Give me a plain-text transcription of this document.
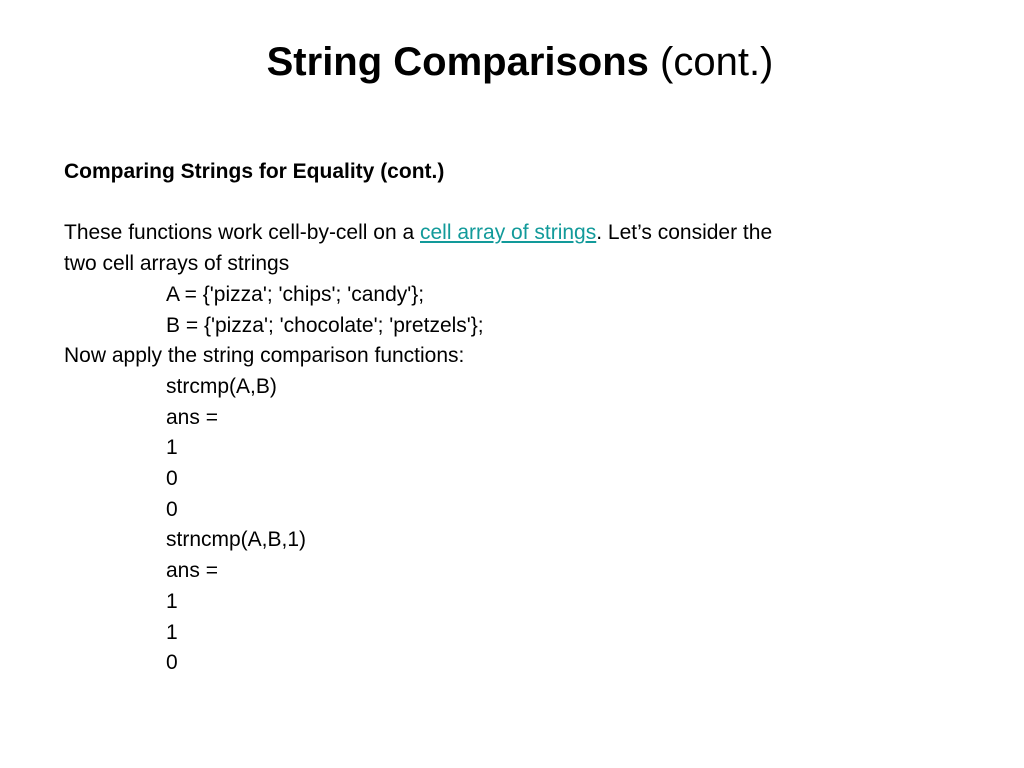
String Comparisons (cont.)
Comparing Strings for Equality (cont.)
These functions work cell-by-cell on a cell array of strings. Let’s consider the
two cell arrays of strings
A = {'pizza'; 'chips'; 'candy'};
B = {'pizza'; 'chocolate'; 'pretzels'};
Now apply the string comparison functions:
strcmp(A,B)
ans =
1
0
0
strncmp(A,B,1)
ans =
1
1
0
